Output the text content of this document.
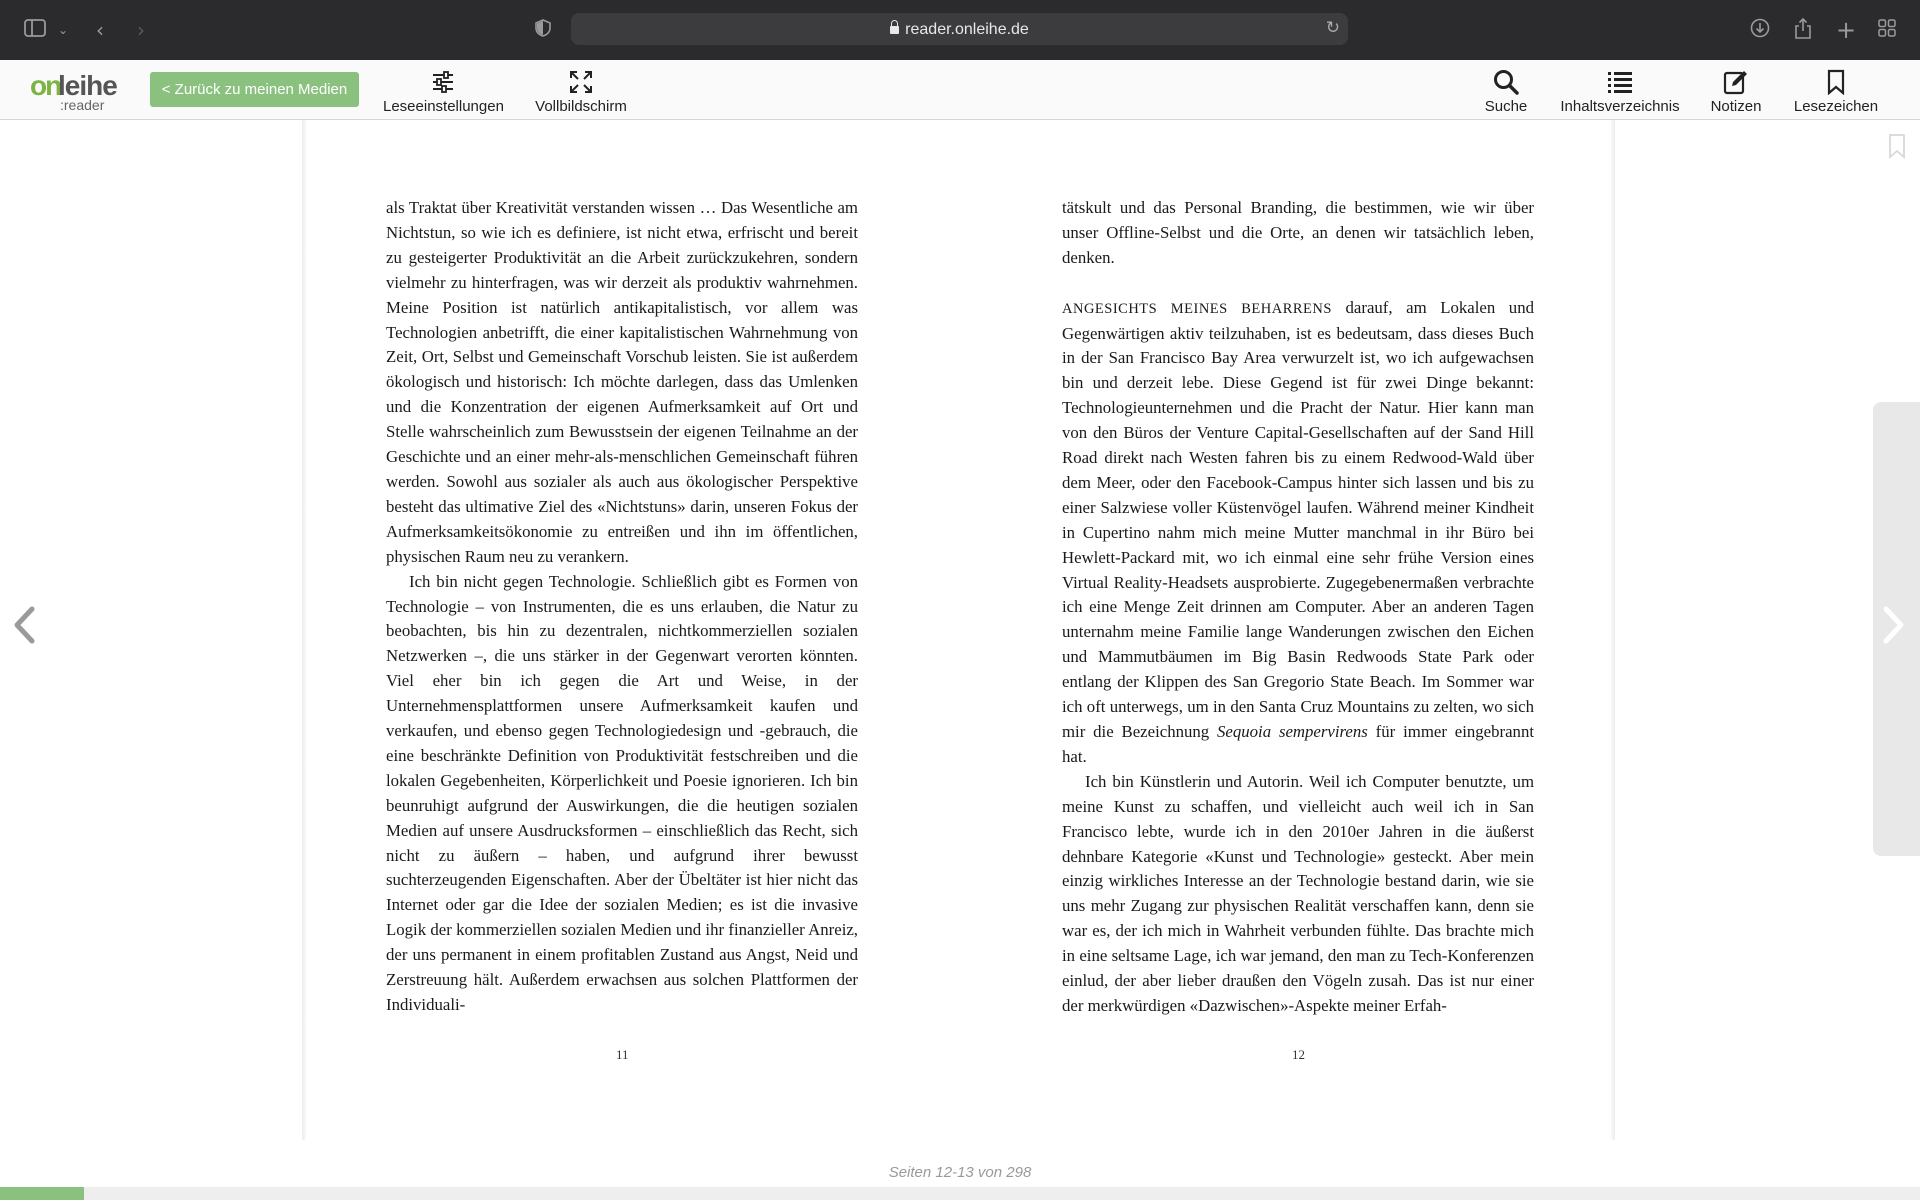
⌄ ‹ ›	reader.onleihe.de	↻	+
on
leihe
:reader
< Zurück zu meinen Medien
Leseeinstellungen Vollbildschirm	Suche	Inhaltsverzeichnis	Notizen	Lesezeichen

als Traktat über Kreativität verstanden wissen … Das Wesentliche am Nichtstun, so wie ich es definiere, ist nicht etwa, erfrischt und bereit zu gesteigerter Produktivität an die Arbeit zurückzukehren, sondern vielmehr zu hinterfragen, was wir derzeit als produktiv wahrnehmen. Meine Position ist natürlich antikapitalistisch, vor allem was Technologien anbetrifft, die einer kapitalistischen Wahrnehmung von Zeit, Ort, Selbst und Gemeinschaft Vorschub leisten. Sie ist außerdem ökologisch und historisch: Ich möchte darlegen, dass das Umlenken und die Konzentration der eigenen Aufmerksamkeit auf Ort und Stelle wahrscheinlich zum Bewusstsein der eigenen Teilnahme an der Geschichte und an einer mehr-als-menschlichen Gemeinschaft führen werden. Sowohl aus sozialer als auch aus ökologischer Perspektive besteht das ultimative Ziel des «Nichtstuns» darin, unseren Fokus der Aufmerksamkeitsökonomie zu entreißen und ihn im öffentlichen, physischen Raum neu zu verankern.

Ich bin nicht gegen Technologie. Schließlich gibt es Formen von Technologie – von Instrumenten, die es uns erlauben, die Natur zu beobachten, bis hin zu dezentralen, nichtkommerziellen sozialen Netzwerken –, die uns stärker in der Gegenwart verorten könnten. Viel eher bin ich gegen die Art und Weise, in der Unternehmensplattformen unsere Aufmerksamkeit kaufen und verkaufen, und ebenso gegen Technologiedesign und -gebrauch, die eine beschränkte Definition von Produktivität festschreiben und die lokalen Gegebenheiten, Körperlichkeit und Poesie ignorieren. Ich bin beunruhigt aufgrund der Auswirkungen, die die heutigen sozialen Medien auf unsere Ausdrucksformen – einschließlich das Recht, sich nicht zu äußern – haben, und aufgrund ihrer bewusst suchterzeugenden Eigenschaften. Aber der Übeltäter ist hier nicht das Internet oder gar die Idee der sozialen Medien; es ist die invasive Logik der kommerziellen sozialen Medien und ihr finanzieller Anreiz, der uns permanent in einem profitablen Zustand aus Angst, Neid und Zerstreuung hält. Außerdem erwachsen aus solchen Plattformen der Individuali-

11

tätskult und das Personal Branding, die bestimmen, wie wir über unser Offline-Selbst und die Orte, an denen wir tatsächlich leben, denken.

ANGESICHTS MEINES BEHARRENS darauf, am Lokalen und Gegenwärtigen aktiv teilzuhaben, ist es bedeutsam, dass dieses Buch in der San Francisco Bay Area verwurzelt ist, wo ich aufgewachsen bin und derzeit lebe. Diese Gegend ist für zwei Dinge bekannt: Technologieunternehmen und die Pracht der Natur. Hier kann man von den Büros der Venture Capital-Gesellschaften auf der Sand Hill Road direkt nach Westen fahren bis zu einem Redwood-Wald über dem Meer, oder den Facebook-Campus hinter sich lassen und bis zu einer Salzwiese voller Küstenvögel laufen. Während meiner Kindheit in Cupertino nahm mich meine Mutter manchmal in ihr Büro bei Hewlett-Packard mit, wo ich einmal eine sehr frühe Version eines Virtual Reality-Headsets ausprobierte. Zugegebenermaßen verbrachte ich eine Menge Zeit drinnen am Computer. Aber an anderen Tagen unternahm meine Familie lange Wanderungen zwischen den Eichen und Mammutbäumen im Big Basin Redwoods State Park oder entlang der Klippen des San Gregorio State Beach. Im Sommer war ich oft unterwegs, um in den Santa Cruz Mountains zu zelten, wo sich mir die Bezeichnung Sequoia sempervirens für immer eingebrannt hat.

Ich bin Künstlerin und Autorin. Weil ich Computer benutzte, um meine Kunst zu schaffen, und vielleicht auch weil ich in San Francisco lebte, wurde ich in den 2010er Jahren in die äußerst dehnbare Kategorie «Kunst und Technologie» gesteckt. Aber mein einzig wirkliches Interesse an der Technologie bestand darin, wie sie uns mehr Zugang zur physischen Realität verschaffen kann, denn sie war es, der ich mich in Wahrheit verbunden fühlte. Das brachte mich in eine seltsame Lage, ich war jemand, den man zu Tech-Konferenzen einlud, der aber lieber draußen den Vögeln zusah. Das ist nur einer der merkwürdigen «Dazwischen»-Aspekte meiner Erfah-

12
Seiten 12-13 von 298
